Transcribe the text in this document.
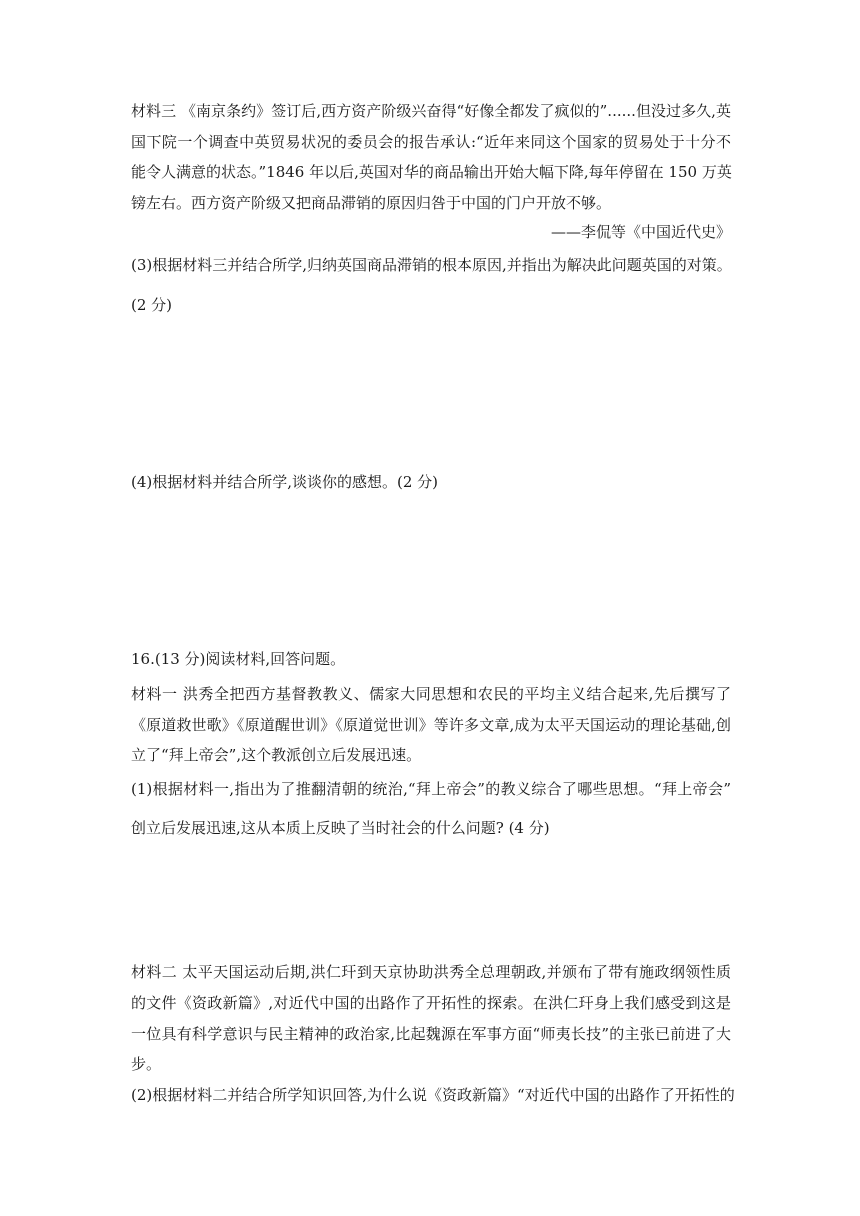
材料三 《南京条约》签订后,西方资产阶级兴奋得“好像全都发了疯似的”......但没过多久,英
国下院一个调查中英贸易状况的委员会的报告承认:“近年来同这个国家的贸易处于十分不
能令人满意的状态。”1846 年以后,英国对华的商品输出开始大幅下降,每年停留在 150 万英
镑左右。西方资产阶级又把商品滞销的原因归咎于中国的门户开放不够。
——李侃等《中国近代史》
(3)根据材料三并结合所学,归纳英国商品滞销的根本原因,并指出为解决此问题英国的对策。
(2 分)
(4)根据材料并结合所学,谈谈你的感想。(2 分)
16.(13 分)阅读材料,回答问题。
材料一 洪秀全把西方基督教教义、儒家大同思想和农民的平均主义结合起来,先后撰写了
《原道救世歌》《原道醒世训》《原道觉世训》等许多文章,成为太平天国运动的理论基础,创
立了“拜上帝会”,这个教派创立后发展迅速。
(1)根据材料一,指出为了推翻清朝的统治,“拜上帝会”的教义综合了哪些思想。“拜上帝会”
创立后发展迅速,这从本质上反映了当时社会的什么问题? (4 分)
材料二 太平天国运动后期,洪仁玕到天京协助洪秀全总理朝政,并颁布了带有施政纲领性质
的文件《资政新篇》,对近代中国的出路作了开拓性的探索。在洪仁玕身上我们感受到这是
一位具有科学意识与民主精神的政治家,比起魏源在军事方面“师夷长技”的主张已前进了大
步。
(2)根据材料二并结合所学知识回答,为什么说《资政新篇》“对近代中国的出路作了开拓性的
